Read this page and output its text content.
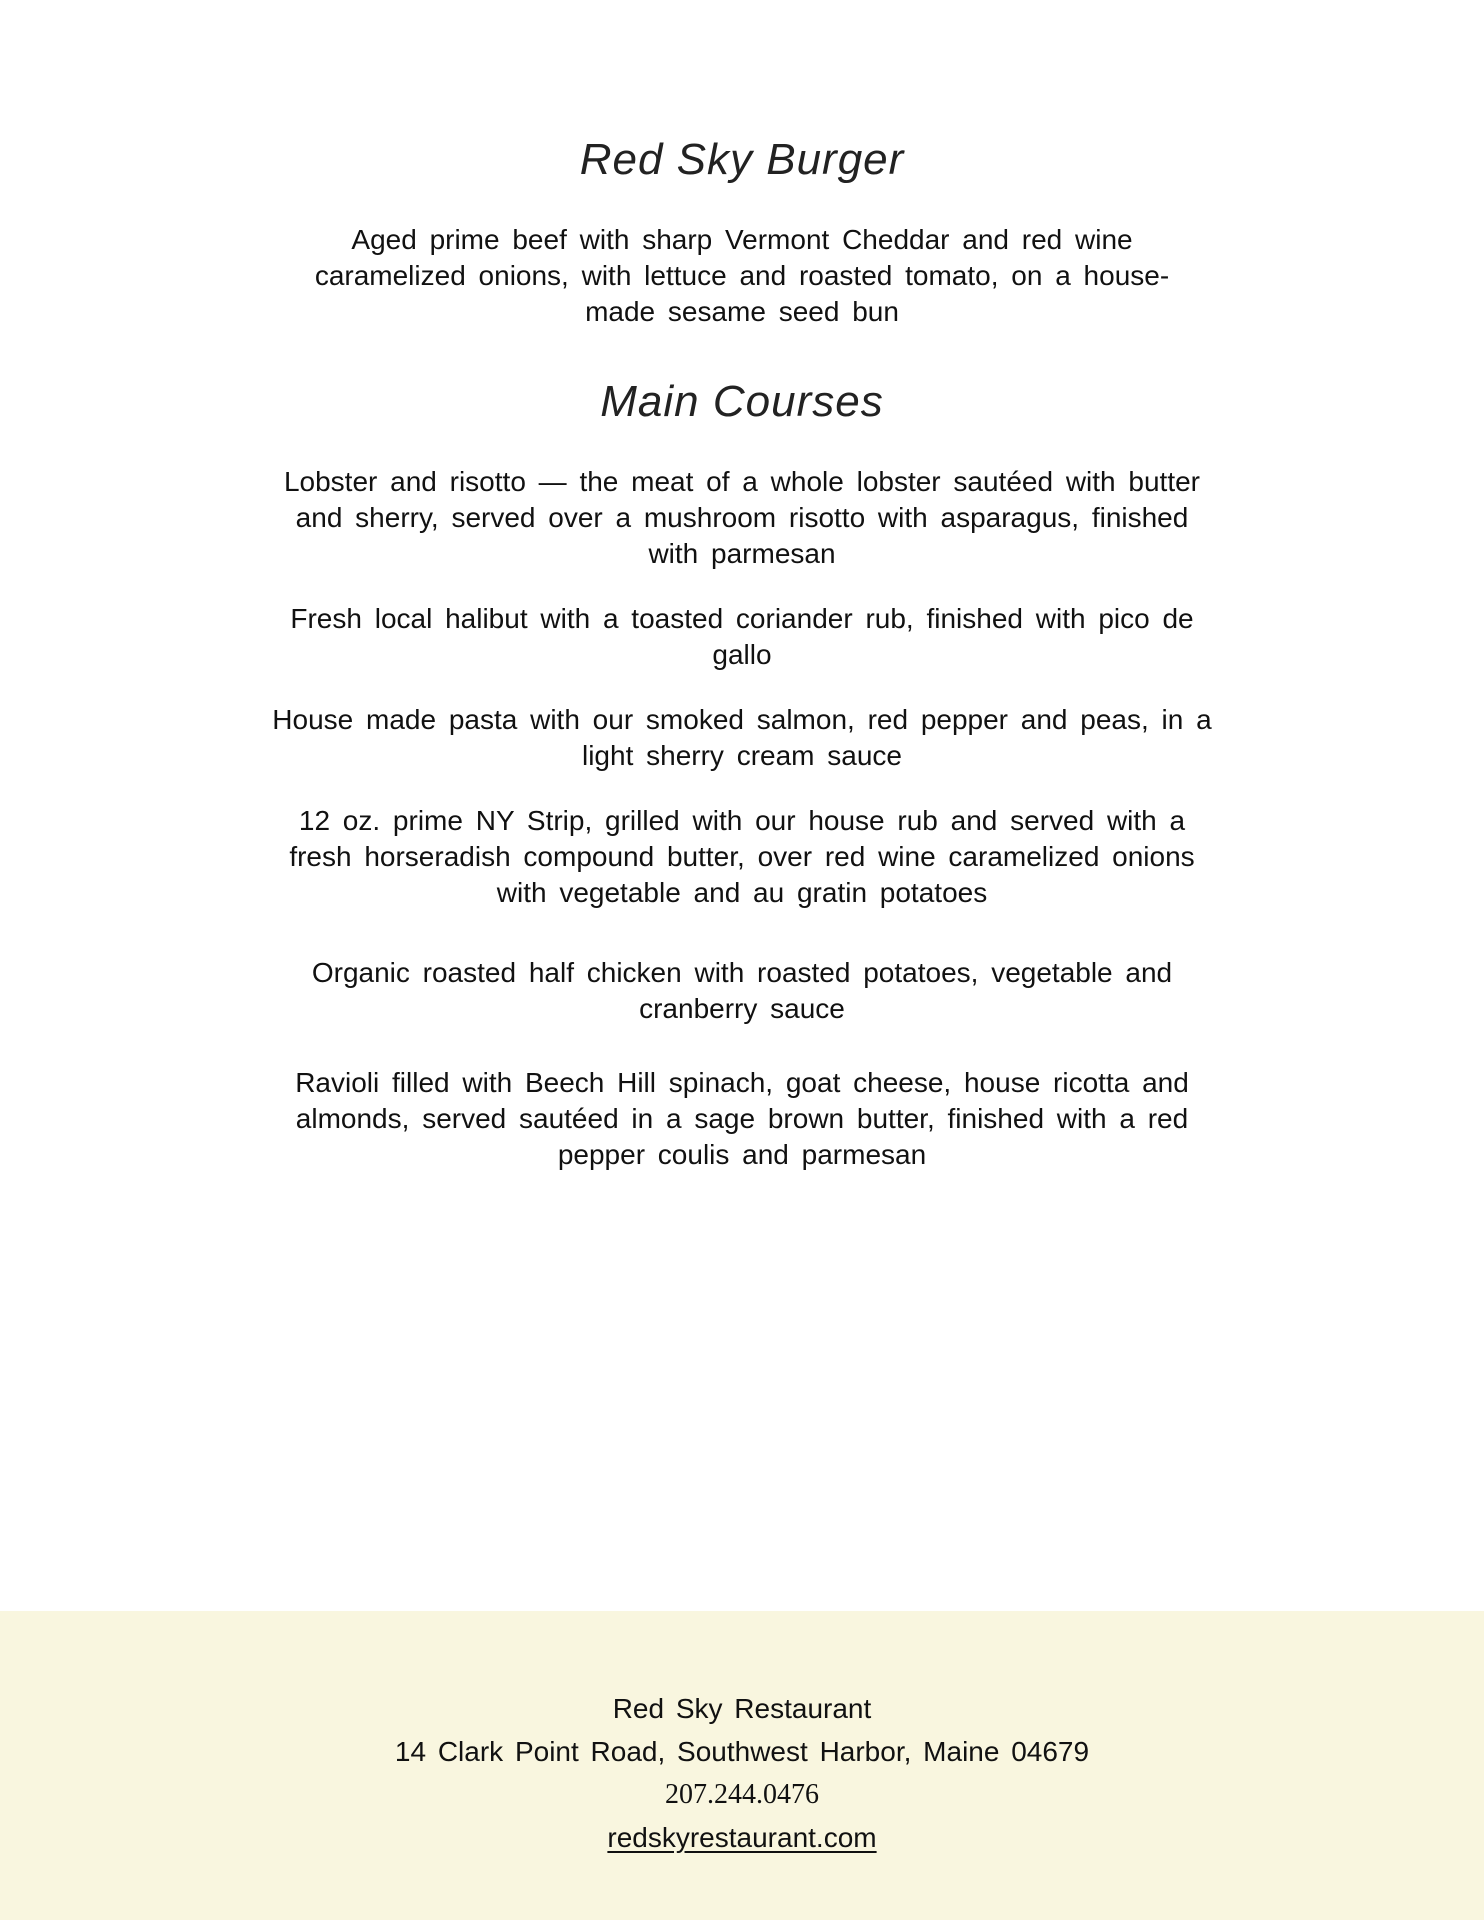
Red Sky Burger

Aged prime beef with sharp Vermont Cheddar and red wine caramelized onions, with lettuce and roasted tomato, on a house-made sesame seed bun

Main Courses

Lobster and risotto — the meat of a whole lobster sautéed with butter and sherry, served over a mushroom risotto with asparagus, finished with parmesan

Fresh local halibut with a toasted coriander rub, finished with pico de gallo

House made pasta with our smoked salmon, red pepper and peas, in a light sherry cream sauce

12 oz. prime NY Strip, grilled with our house rub and served with a fresh horseradish compound butter, over red wine caramelized onions with vegetable and au gratin potatoes

Organic roasted half chicken with roasted potatoes, vegetable and cranberry sauce

Ravioli filled with Beech Hill spinach, goat cheese, house ricotta and almonds, served sautéed in a sage brown butter, finished with a red pepper coulis and parmesan

Red Sky Restaurant
14 Clark Point Road, Southwest Harbor, Maine 04679
207.244.0476
redskyrestaurant.com
